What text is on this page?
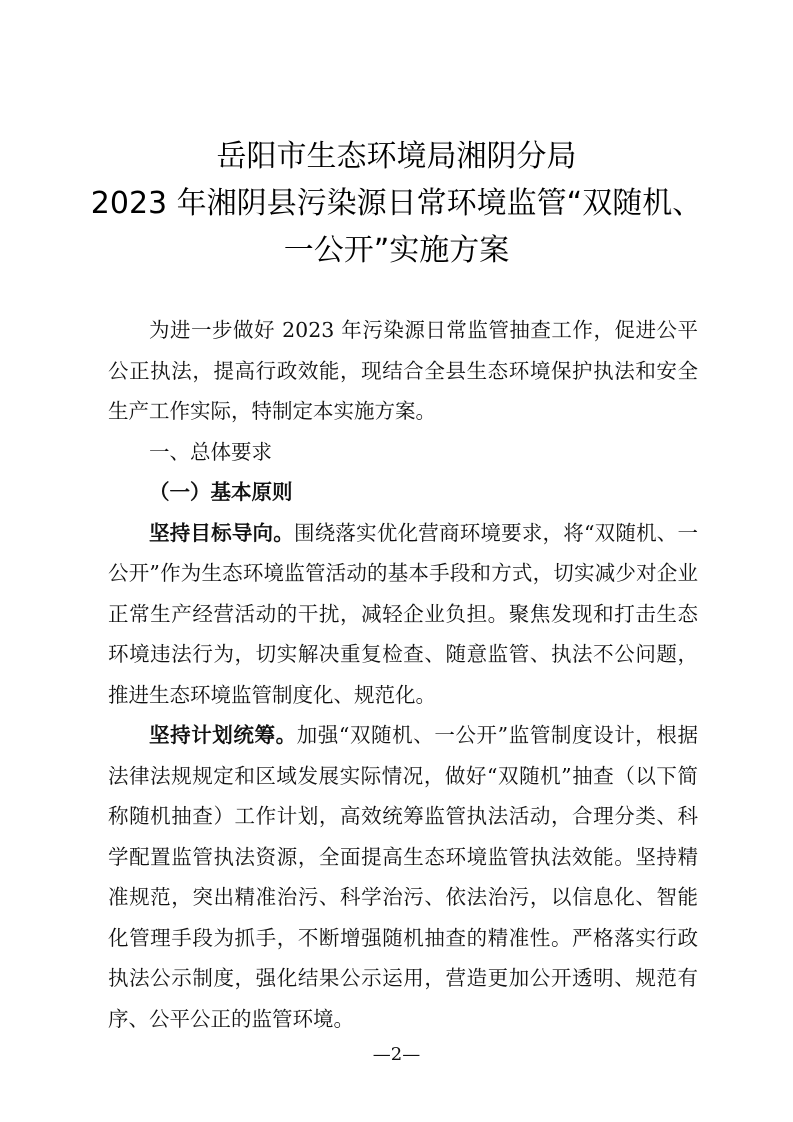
岳阳市生态环境局湘阴分局
2023 年湘阴县污染源日常环境监管“双随机、
一公开”实施方案

为进一步做好 2023 年污染源日常监管抽查工作，促进公平公正执法，提高行政效能，现结合全县生态环境保护执法和安全生产工作实际，特制定本实施方案。

一、总体要求

（一）基本原则

坚持目标导向。围绕落实优化营商环境要求，将“双随机、一公开”作为生态环境监管活动的基本手段和方式，切实减少对企业正常生产经营活动的干扰，减轻企业负担。聚焦发现和打击生态环境违法行为，切实解决重复检查、随意监管、执法不公问题，推进生态环境监管制度化、规范化。

坚持计划统筹。加强“双随机、一公开”监管制度设计，根据法律法规规定和区域发展实际情况，做好“双随机”抽查（以下简称随机抽查）工作计划，高效统筹监管执法活动，合理分类、科学配置监管执法资源，全面提高生态环境监管执法效能。坚持精准规范，突出精准治污、科学治污、依法治污，以信息化、智能化管理手段为抓手，不断增强随机抽查的精准性。严格落实行政执法公示制度，强化结果公示运用，营造更加公开透明、规范有序、公平公正的监管环境。

—2—
